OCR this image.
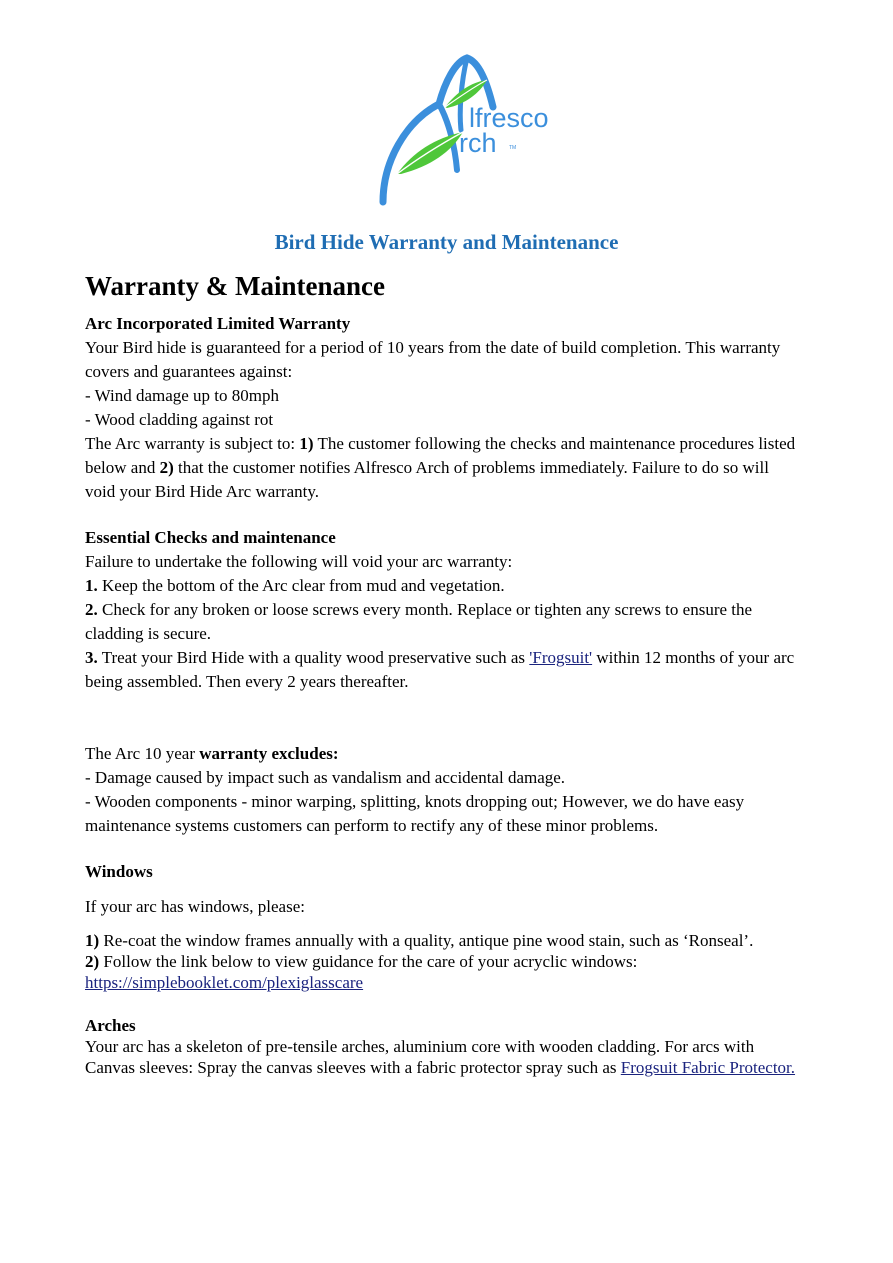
lfresco
rch TM
Bird Hide Warranty and Maintenance
Warranty & Maintenance

Arc Incorporated Limited Warranty

Your Bird hide is guaranteed for a period of 10 years from the date of build completion. This warranty covers and guarantees against:

- Wind damage up to 80mph

- Wood cladding against rot

The Arc warranty is subject to: 1) The customer following the checks and maintenance procedures listed below and 2) that the customer notifies Alfresco Arch of problems immediately. Failure to do so will void your Bird Hide Arc warranty.

Essential Checks and maintenance

Failure to undertake the following will void your arc warranty:

1. Keep the bottom of the Arc clear from mud and vegetation.

2. Check for any broken or loose screws every month. Replace or tighten any screws to ensure the cladding is secure.

3. Treat your Bird Hide with a quality wood preservative such as 'Frogsuit' within 12 months of your arc being assembled. Then every 2 years thereafter.

The Arc 10 year warranty excludes:

- Damage caused by impact such as vandalism and accidental damage.

- Wooden components - minor warping, splitting, knots dropping out; However, we do have easy maintenance systems customers can perform to rectify any of these minor problems.

Windows

If your arc has windows, please:

1) Re-coat the window frames annually with a quality, antique pine wood stain, such as ‘Ronseal’.

2) Follow the link below to view guidance for the care of your acryclic windows:

https://simplebooklet.com/plexiglasscare

Arches

Your arc has a skeleton of pre-tensile arches, aluminium core with wooden cladding. For arcs with Canvas sleeves: Spray the canvas sleeves with a fabric protector spray such as Frogsuit Fabric Protector.
